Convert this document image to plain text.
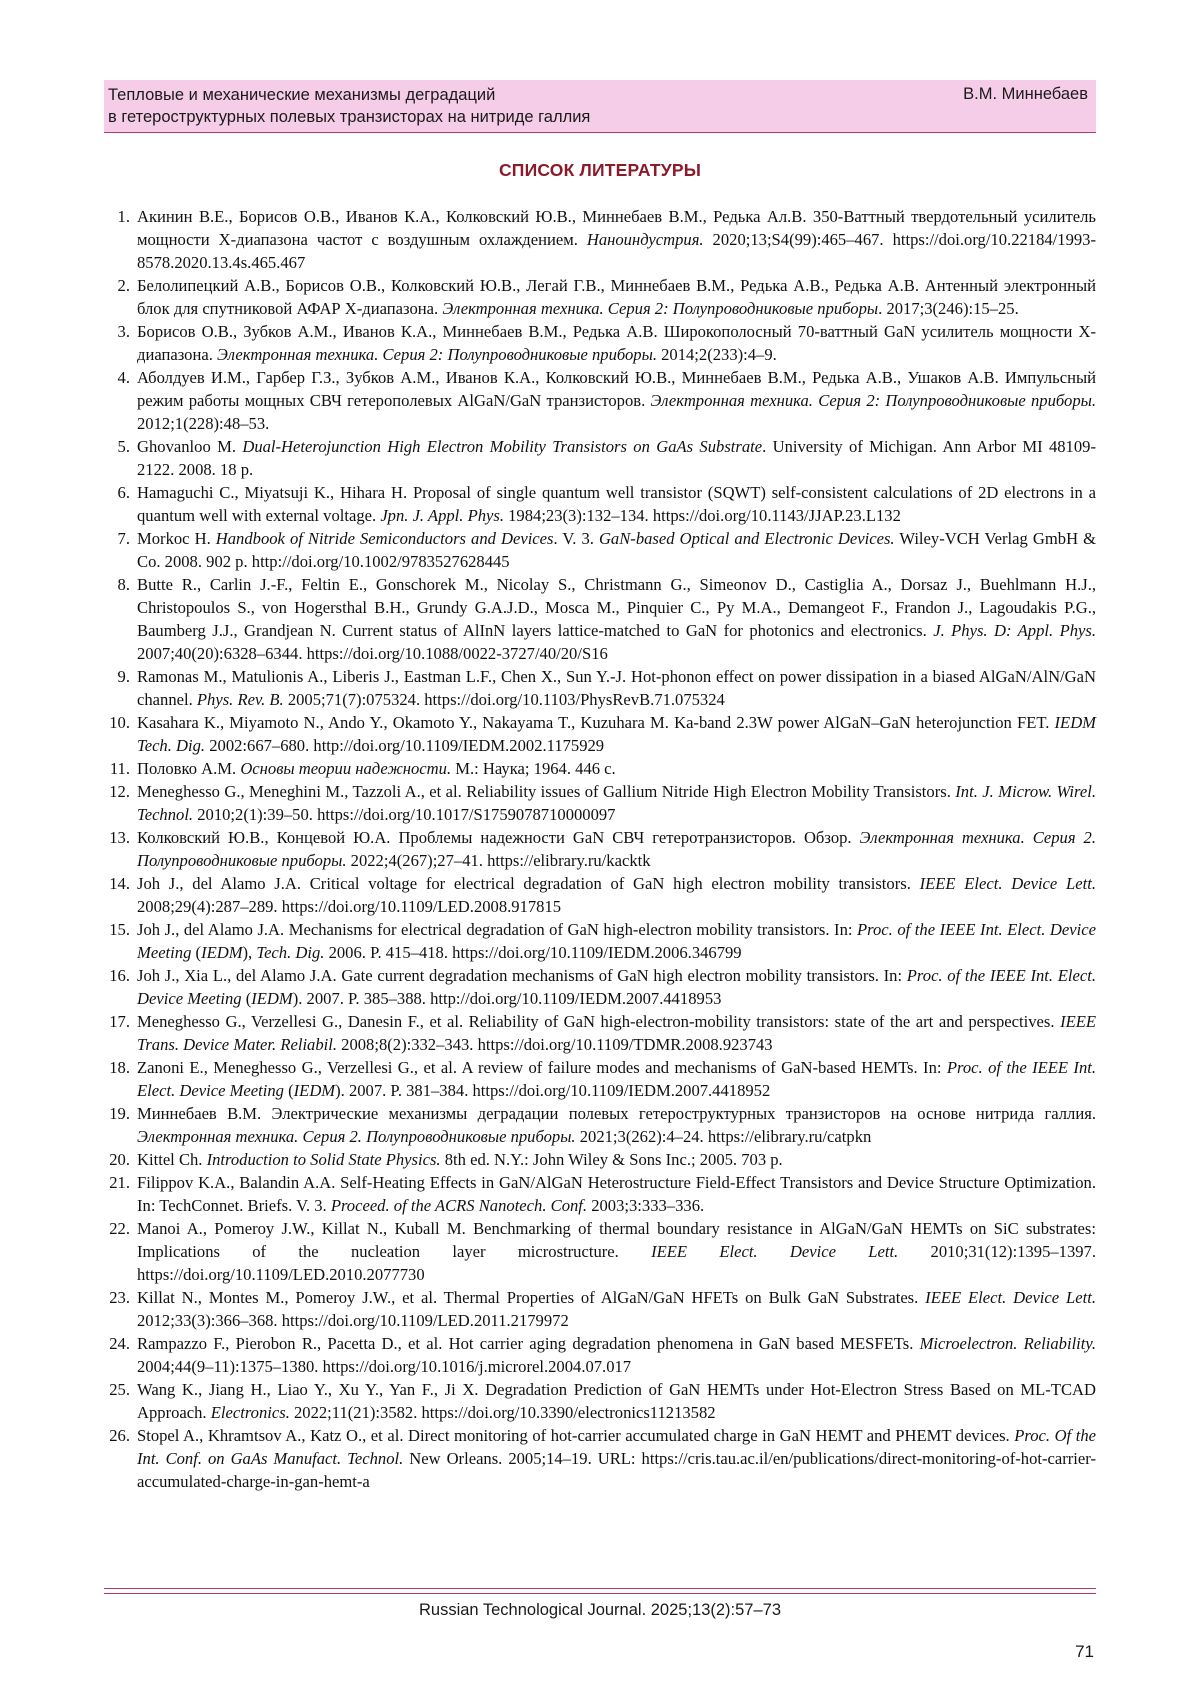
Тепловые и механические механизмы деградаций
в гетероструктурных полевых транзисторах на нитриде галлия
В.М. Миннебаев
СПИСОК ЛИТЕРАТУРЫ
1. Акинин В.Е., Борисов О.В., Иванов К.А., Колковский Ю.В., Миннебаев В.М., Редька Ал.В. 350-Ваттный твердотельный усилитель мощности Х-диапазона частот с воздушным охлаждением. Наноиндустрия. 2020;13;S4(99):465–467. https://doi.org/10.22184/1993-8578.2020.13.4s.465.467
2. Белолипецкий А.В., Борисов О.В., Колковский Ю.В., Легай Г.В., Миннебаев В.М., Редька А.В., Редька А.В. Антенный электронный блок для спутниковой АФАР Х-диапазона. Электронная техника. Серия 2: Полупроводниковые приборы. 2017;3(246):15–25.
3. Борисов О.В., Зубков А.М., Иванов К.А., Миннебаев В.М., Редька А.В. Широкополосный 70-ваттный GaN усилитель мощности Х-диапазона. Электронная техника. Серия 2: Полупроводниковые приборы. 2014;2(233):4–9.
4. Аболдуев И.М., Гарбер Г.З., Зубков А.М., Иванов К.А., Колковский Ю.В., Миннебаев В.М., Редька А.В., Ушаков А.В. Импульсный режим работы мощных СВЧ гетерополевых AlGaN/GaN транзисторов. Электронная техника. Серия 2: Полупроводниковые приборы. 2012;1(228):48–53.
5. Ghovanloo M. Dual-Heterojunction High Electron Mobility Transistors on GaAs Substrate. University of Michigan. Ann Arbor MI 48109-2122. 2008. 18 p.
6. Hamaguchi C., Miyatsuji K., Hihara H. Proposal of single quantum well transistor (SQWT) self-consistent calculations of 2D electrons in a quantum well with external voltage. Jpn. J. Appl. Phys. 1984;23(3):132–134. https://doi.org/10.1143/JJAP.23.L132
7. Morkoc H. Handbook of Nitride Semiconductors and Devices. V. 3. GaN-based Optical and Electronic Devices. Wiley-VCH Verlag GmbH & Co. 2008. 902 p. http://doi.org/10.1002/9783527628445
8. Butte R., Carlin J.-F., Feltin E., Gonschorek M., Nicolay S., Christmann G., Simeonov D., Castiglia A., Dorsaz J., Buehlmann H.J., Christopoulos S., von Hogersthal B.H., Grundy G.A.J.D., Mosca M., Pinquier C., Py M.A., Demangeot F., Frandon J., Lagoudakis P.G., Baumberg J.J., Grandjean N. Current status of AlInN layers lattice-matched to GaN for photonics and electronics. J. Phys. D: Appl. Phys. 2007;40(20):6328–6344. https://doi.org/10.1088/0022-3727/40/20/S16
9. Ramonas M., Matulionis A., Liberis J., Eastman L.F., Chen X., Sun Y.-J. Hot-phonon effect on power dissipation in a biased AlGaN/AlN/GaN channel. Phys. Rev. B. 2005;71(7):075324. https://doi.org/10.1103/PhysRevB.71.075324
10. Kasahara K., Miyamoto N., Ando Y., Okamoto Y., Nakayama T., Kuzuhara M. Ka-band 2.3W power AlGaN–GaN heterojunction FET. IEDM Tech. Dig. 2002:667–680. http://doi.org/10.1109/IEDM.2002.1175929
11. Половко А.М. Основы теории надежности. М.: Наука; 1964. 446 с.
12. Meneghesso G., Meneghini M., Tazzoli A., et al. Reliability issues of Gallium Nitride High Electron Mobility Transistors. Int. J. Microw. Wirel. Technol. 2010;2(1):39–50. https://doi.org/10.1017/S1759078710000097
13. Колковский Ю.В., Концевой Ю.А. Проблемы надежности GaN СВЧ гетеротранзисторов. Обзор. Электронная техника. Серия 2. Полупроводниковые приборы. 2022;4(267);27–41. https://elibrary.ru/kacktk
14. Joh J., del Alamo J.A. Critical voltage for electrical degradation of GaN high electron mobility transistors. IEEE Elect. Device Lett. 2008;29(4):287–289. https://doi.org/10.1109/LED.2008.917815
15. Joh J., del Alamo J.A. Mechanisms for electrical degradation of GaN high-electron mobility transistors. In: Proc. of the IEEE Int. Elect. Device Meeting (IEDM), Tech. Dig. 2006. P. 415–418. https://doi.org/10.1109/IEDM.2006.346799
16. Joh J., Xia L., del Alamo J.A. Gate current degradation mechanisms of GaN high electron mobility transistors. In: Proc. of the IEEE Int. Elect. Device Meeting (IEDM). 2007. P. 385–388. http://doi.org/10.1109/IEDM.2007.4418953
17. Meneghesso G., Verzellesi G., Danesin F., et al. Reliability of GaN high-electron-mobility transistors: state of the art and perspectives. IEEE Trans. Device Mater. Reliabil. 2008;8(2):332–343. https://doi.org/10.1109/TDMR.2008.923743
18. Zanoni E., Meneghesso G., Verzellesi G., et al. A review of failure modes and mechanisms of GaN-based HEMTs. In: Proc. of the IEEE Int. Elect. Device Meeting (IEDM). 2007. P. 381–384. https://doi.org/10.1109/IEDM.2007.4418952
19. Миннебаев В.М. Электрические механизмы деградации полевых гетероструктурных транзисторов на основе нитрида галлия. Электронная техника. Серия 2. Полупроводниковые приборы. 2021;3(262):4–24. https://elibrary.ru/catpkn
20. Kittel Ch. Introduction to Solid State Physics. 8th ed. N.Y.: John Wiley & Sons Inc.; 2005. 703 p.
21. Filippov K.A., Balandin A.A. Self-Heating Effects in GaN/AlGaN Heterostructure Field-Effect Transistors and Device Structure Optimization. In: TechConnet. Briefs. V. 3. Proceed. of the ACRS Nanotech. Conf. 2003;3:333–336.
22. Manoi A., Pomeroy J.W., Killat N., Kuball M. Benchmarking of thermal boundary resistance in AlGaN/GaN HEMTs on SiC substrates: Implications of the nucleation layer microstructure. IEEE Elect. Device Lett. 2010;31(12):1395–1397. https://doi.org/10.1109/LED.2010.2077730
23. Killat N., Montes M., Pomeroy J.W., et al. Thermal Properties of AlGaN/GaN HFETs on Bulk GaN Substrates. IEEE Elect. Device Lett. 2012;33(3):366–368. https://doi.org/10.1109/LED.2011.2179972
24. Rampazzo F., Pierobon R., Pacetta D., et al. Hot carrier aging degradation phenomena in GaN based MESFETs. Microelectron. Reliability. 2004;44(9–11):1375–1380. https://doi.org/10.1016/j.microrel.2004.07.017
25. Wang K., Jiang H., Liao Y., Xu Y., Yan F., Ji X. Degradation Prediction of GaN HEMTs under Hot-Electron Stress Based on ML-TCAD Approach. Electronics. 2022;11(21):3582. https://doi.org/10.3390/electronics11213582
26. Stopel A., Khramtsov A., Katz O., et al. Direct monitoring of hot-carrier accumulated charge in GaN HEMT and PHEMT devices. Proc. Of the Int. Conf. on GaAs Manufact. Technol. New Orleans. 2005;14–19. URL: https://cris.tau.ac.il/en/publications/direct-monitoring-of-hot-carrier-accumulated-charge-in-gan-hemt-a
Russian Technological Journal. 2025;13(2):57–73
71
